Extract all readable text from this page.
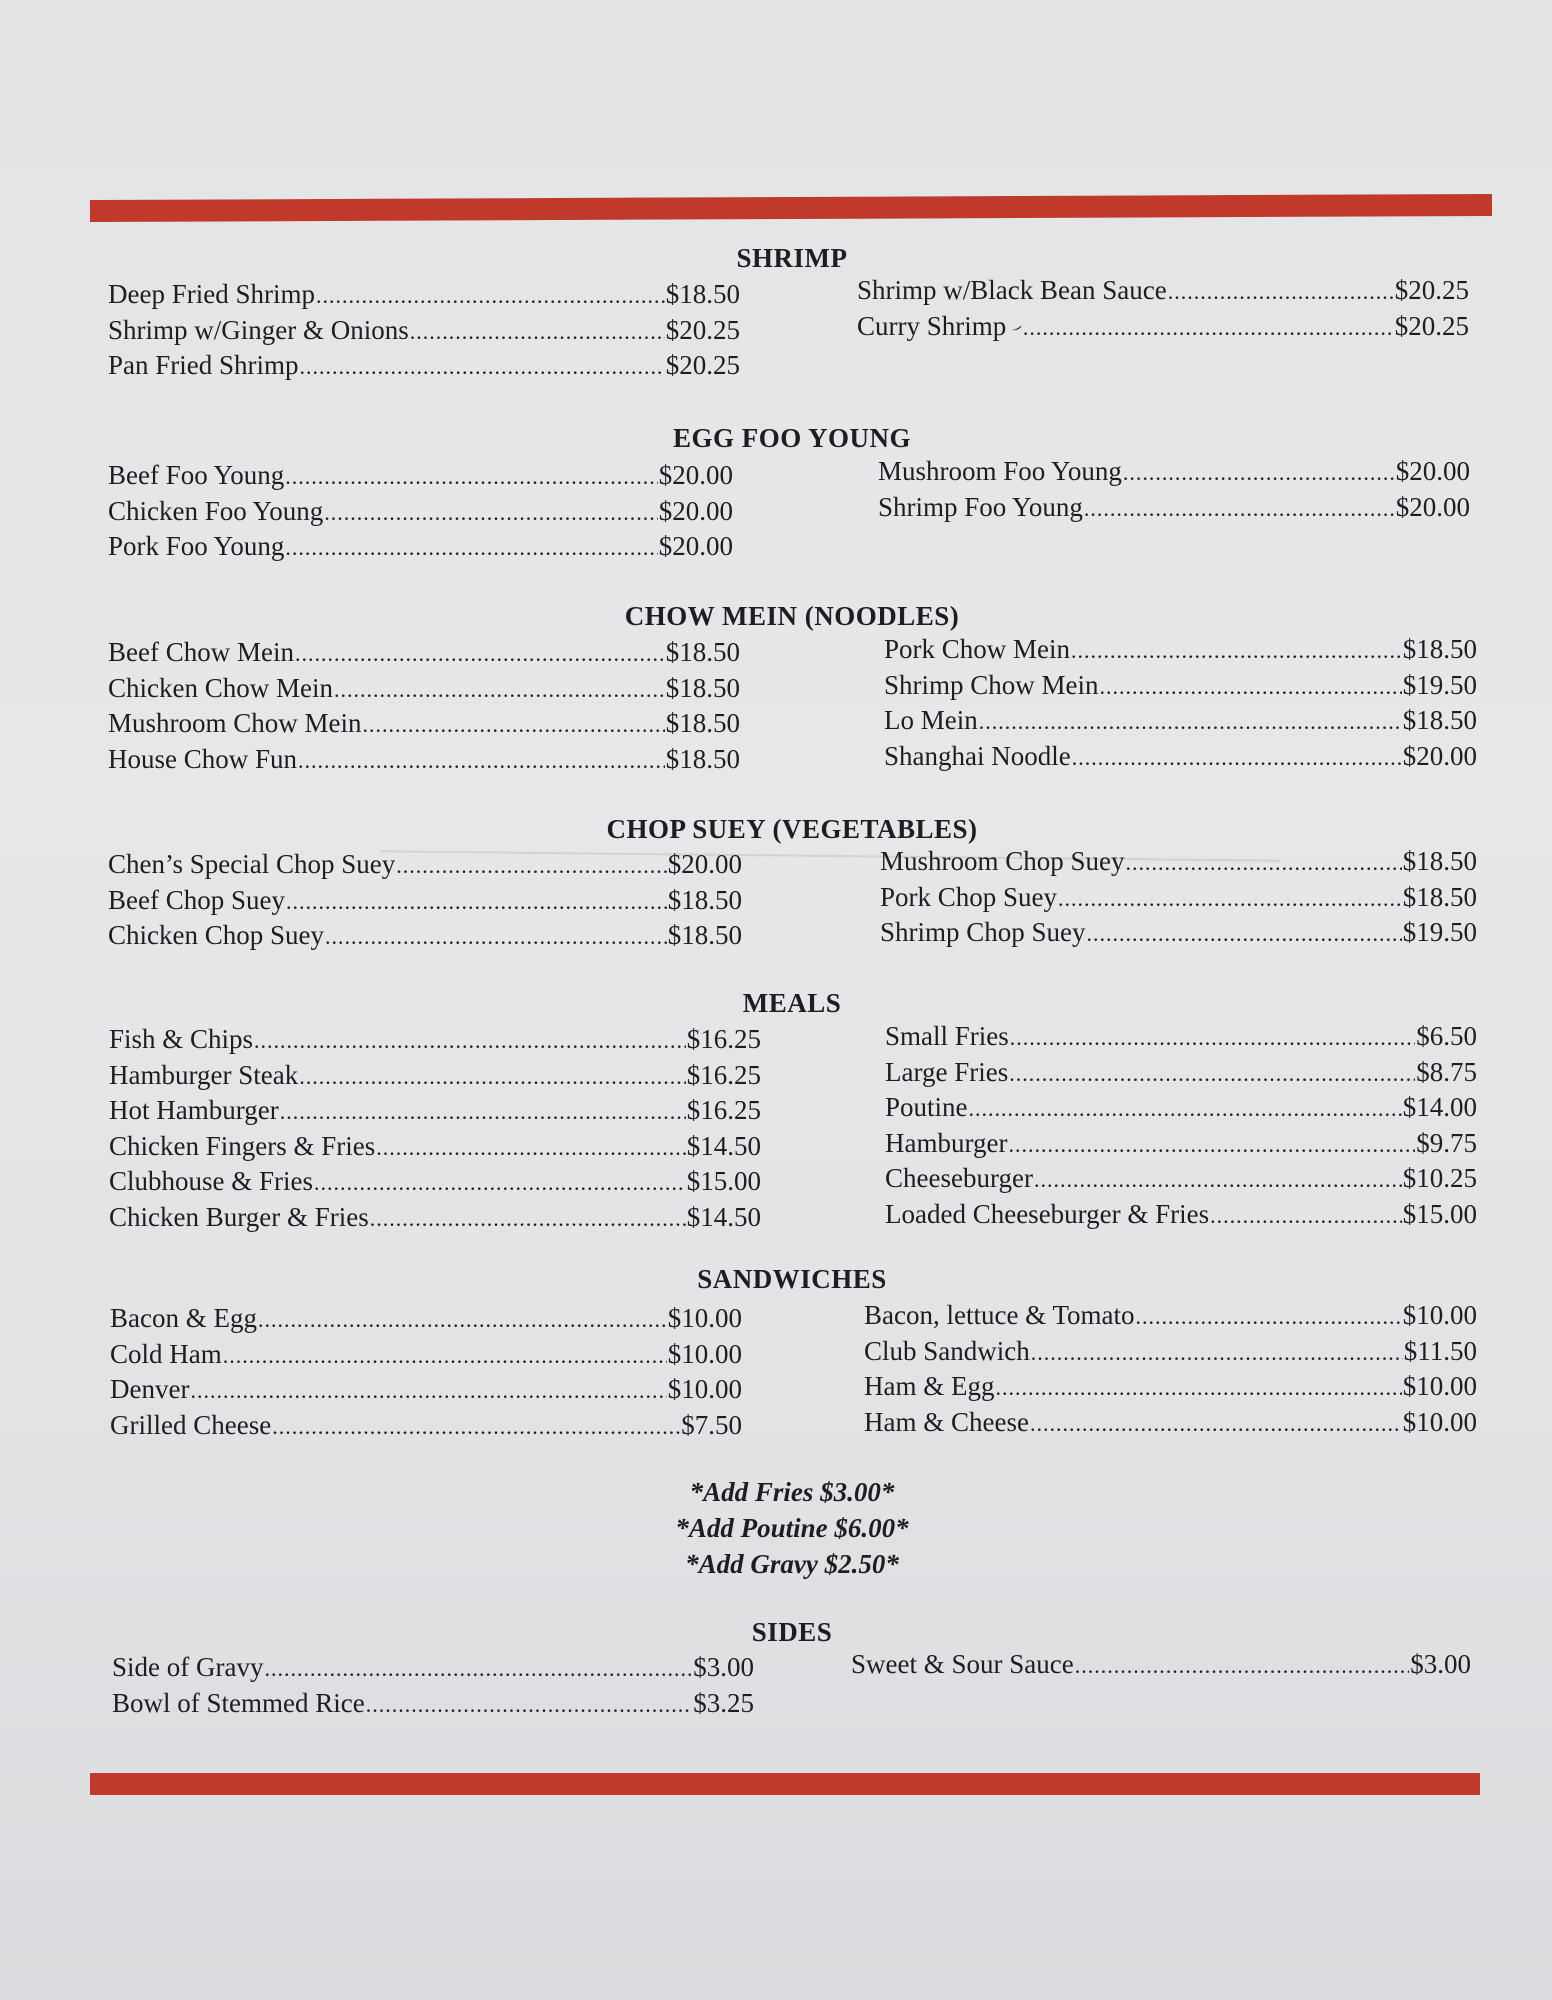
SHRIMP
Deep Fried Shrimp .....	$18.50
Shrimp w/Ginger & Onions .....	$20.25
Pan Fried Shrimp .....	$20.25
Shrimp w/Black Bean Sauce .....	$20.25
Curry Shrimp .....	$20.25
EGG FOO YOUNG
Beef Foo Young .....	$20.00
Chicken Foo Young .....	$20.00
Pork Foo Young .....	$20.00
Mushroom Foo Young .....	$20.00
Shrimp Foo Young .....	$20.00
CHOW MEIN (NOODLES)
Beef Chow Mein .....	$18.50
Chicken Chow Mein .....	$18.50
Mushroom Chow Mein .....	$18.50
House Chow Fun .....	$18.50
Pork Chow Mein .....	$18.50
Shrimp Chow Mein .....	$19.50
Lo Mein .....	$18.50
Shanghai Noodle .....	$20.00
CHOP SUEY (VEGETABLES)
Chen’s Special Chop Suey .....	$20.00
Beef Chop Suey .....	$18.50
Chicken Chop Suey .....	$18.50
Mushroom Chop Suey .....	$18.50
Pork Chop Suey .....	$18.50
Shrimp Chop Suey .....	$19.50
MEALS
Fish & Chips .....	$16.25
Hamburger Steak .....	$16.25
Hot Hamburger .....	$16.25
Chicken Fingers & Fries .....	$14.50
Clubhouse & Fries .....	$15.00
Chicken Burger & Fries .....	$14.50
Small Fries .....	$6.50
Large Fries .....	$8.75
Poutine .....	$14.00
Hamburger .....	$9.75
Cheeseburger .....	$10.25
Loaded Cheeseburger & Fries .....	$15.00
SANDWICHES
Bacon & Egg .....	$10.00
Cold Ham .....	$10.00
Denver .....	$10.00
Grilled Cheese .....	$7.50
Bacon, lettuce & Tomato .....	$10.00
Club Sandwich .....	$11.50
Ham & Egg .....	$10.00
Ham & Cheese .....	$10.00
*Add Fries $3.00*
*Add Poutine $6.00*
*Add Gravy $2.50*
SIDES
Side of Gravy .....	$3.00
Bowl of Stemmed Rice .....	$3.25
Sweet & Sour Sauce .....	$3.00
